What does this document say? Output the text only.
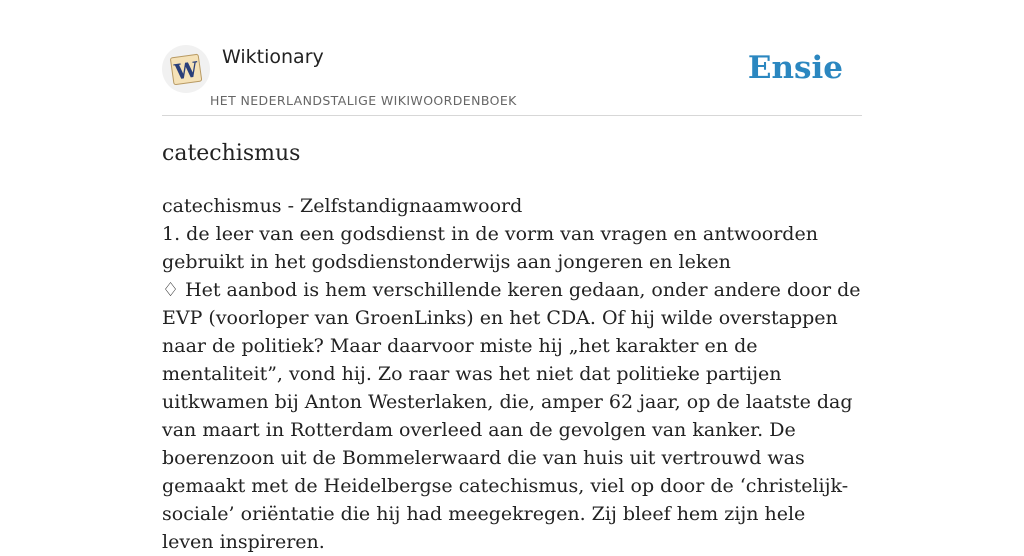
W Wiktionary
HET NEDERLANDSTALIGE WIKIWOORDENBOEK
Ensie
catechismus

catechismus - Zelfstandignaamwoord

1. de leer van een godsdienst in de vorm van vragen en antwoorden gebruikt in het godsdienstonderwijs aan jongeren en leken

♢ Het aanbod is hem verschillende keren gedaan, onder andere door de EVP (voorloper van GroenLinks) en het CDA. Of hij wilde overstappen naar de politiek? Maar daarvoor miste hij „het karakter en de mentaliteit”, vond hij. Zo raar was het niet dat politieke partijen uitkwamen bij Anton Westerlaken, die, amper 62 jaar, op de laatste dag van maart in Rotterdam overleed aan de gevolgen van kanker. De boerenzoon uit de Bommelerwaard die van huis uit vertrouwd was gemaakt met de Heidelbergse catechismus, viel op door de ‘christelijk-sociale’ oriëntatie die hij had meegekregen. Zij bleef hem zijn hele leven inspireren.
